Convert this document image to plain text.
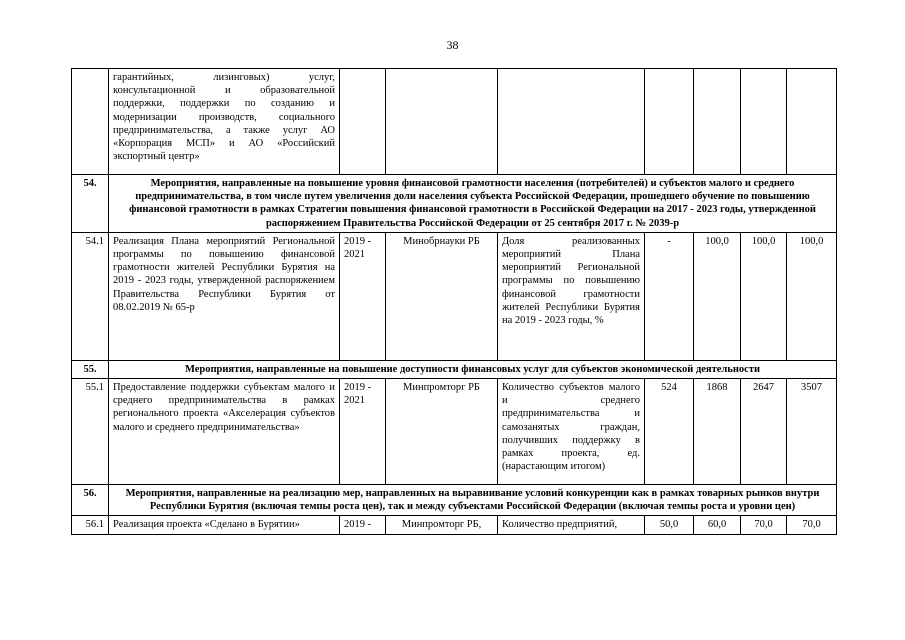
38
	гарантийных, лизинговых) услуг, консультационной и образовательной поддержки, поддержки по созданию и модернизации производств, социального предпринимательства, а также услуг АО «Корпорация МСП» и АО «Российский экспортный центр»							
54.	Мероприятия, направленные на повышение уровня финансовой грамотности населения (потребителей) и субъектов малого и среднего предпринимательства, в том числе путем увеличения доли населения субъекта Российской Федерации, прошедшего обучение по повышению финансовой грамотности в рамках Стратегии повышения финансовой грамотности в Российской Федерации на 2017 - 2023 годы, утвержденной распоряжением Правительства Российской Федерации от 25 сентября 2017 г. № 2039-р							
54.1	Реализация Плана мероприятий Региональной программы по повышению финансовой грамотности жителей Республики Бурятия на 2019 - 2023 годы, утвержденной распоряжением Правительства Республики Бурятия от 08.02.2019 № 65-р	2019 - 2021	Минобрнауки РБ	Доля реализованных мероприятий Плана мероприятий Региональной программы по повышению финансовой грамотности жителей Республики Бурятия на 2019 - 2023 годы, %	-	100,0	100,0	100,0
55.	Мероприятия, направленные на повышение доступности финансовых услуг для субъектов экономической деятельности							
55.1	Предоставление поддержки субъектам малого и среднего предпринимательства в рамках регионального проекта «Акселерация субъектов малого и среднего предпринимательства»	2019 - 2021	Минпромторг РБ	Количество субъектов малого и среднего предпринимательства и самозанятых граждан, получивших поддержку в рамках проекта, ед. (нарастающим итогом)	524	1868	2647	3507
56.	Мероприятия, направленные на реализацию мер, направленных на выравнивание условий конкуренции как в рамках товарных рынков внутри Республики Бурятия (включая темпы роста цен), так и между субъектами Российской Федерации (включая темпы роста и уровни цен)							
56.1	Реализация проекта «Сделано в Бурятии»	2019 -	Минпромторг РБ,	Количество предприятий,	50,0	60,0	70,0	70,0
